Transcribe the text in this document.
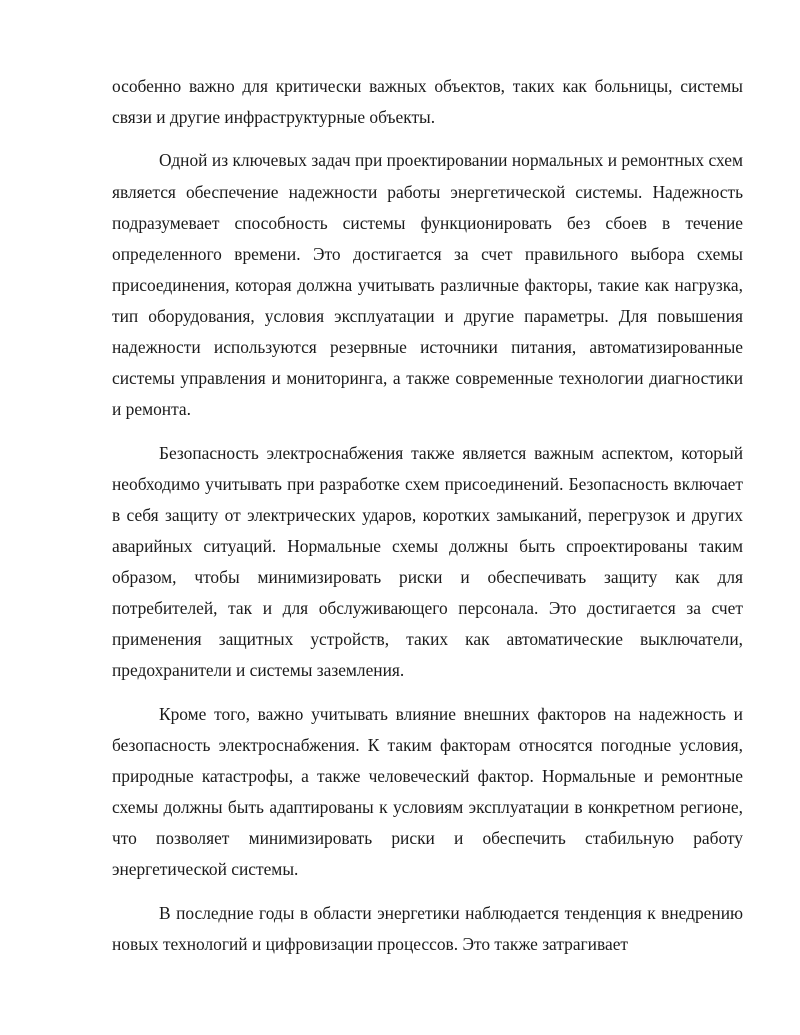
особенно важно для критически важных объектов, таких как больницы, системы связи и другие инфраструктурные объекты.

Одной из ключевых задач при проектировании нормальных и ремонтных схем является обеспечение надежности работы энергетической системы. Надежность подразумевает способность системы функционировать без сбоев в течение определенного времени. Это достигается за счет правильного выбора схемы присоединения, которая должна учитывать различные факторы, такие как нагрузка, тип оборудования, условия эксплуатации и другие параметры. Для повышения надежности используются резервные источники питания, автоматизированные системы управления и мониторинга, а также современные технологии диагностики и ремонта.

Безопасность электроснабжения также является важным аспектом, который необходимо учитывать при разработке схем присоединений. Безопасность включает в себя защиту от электрических ударов, коротких замыканий, перегрузок и других аварийных ситуаций. Нормальные схемы должны быть спроектированы таким образом, чтобы минимизировать риски и обеспечивать защиту как для потребителей, так и для обслуживающего персонала. Это достигается за счет применения защитных устройств, таких как автоматические выключатели, предохранители и системы заземления.

Кроме того, важно учитывать влияние внешних факторов на надежность и безопасность электроснабжения. К таким факторам относятся погодные условия, природные катастрофы, а также человеческий фактор. Нормальные и ремонтные схемы должны быть адаптированы к условиям эксплуатации в конкретном регионе, что позволяет минимизировать риски и обеспечить стабильную работу энергетической системы.

В последние годы в области энергетики наблюдается тенденция к внедрению новых технологий и цифровизации процессов. Это также затрагивает
